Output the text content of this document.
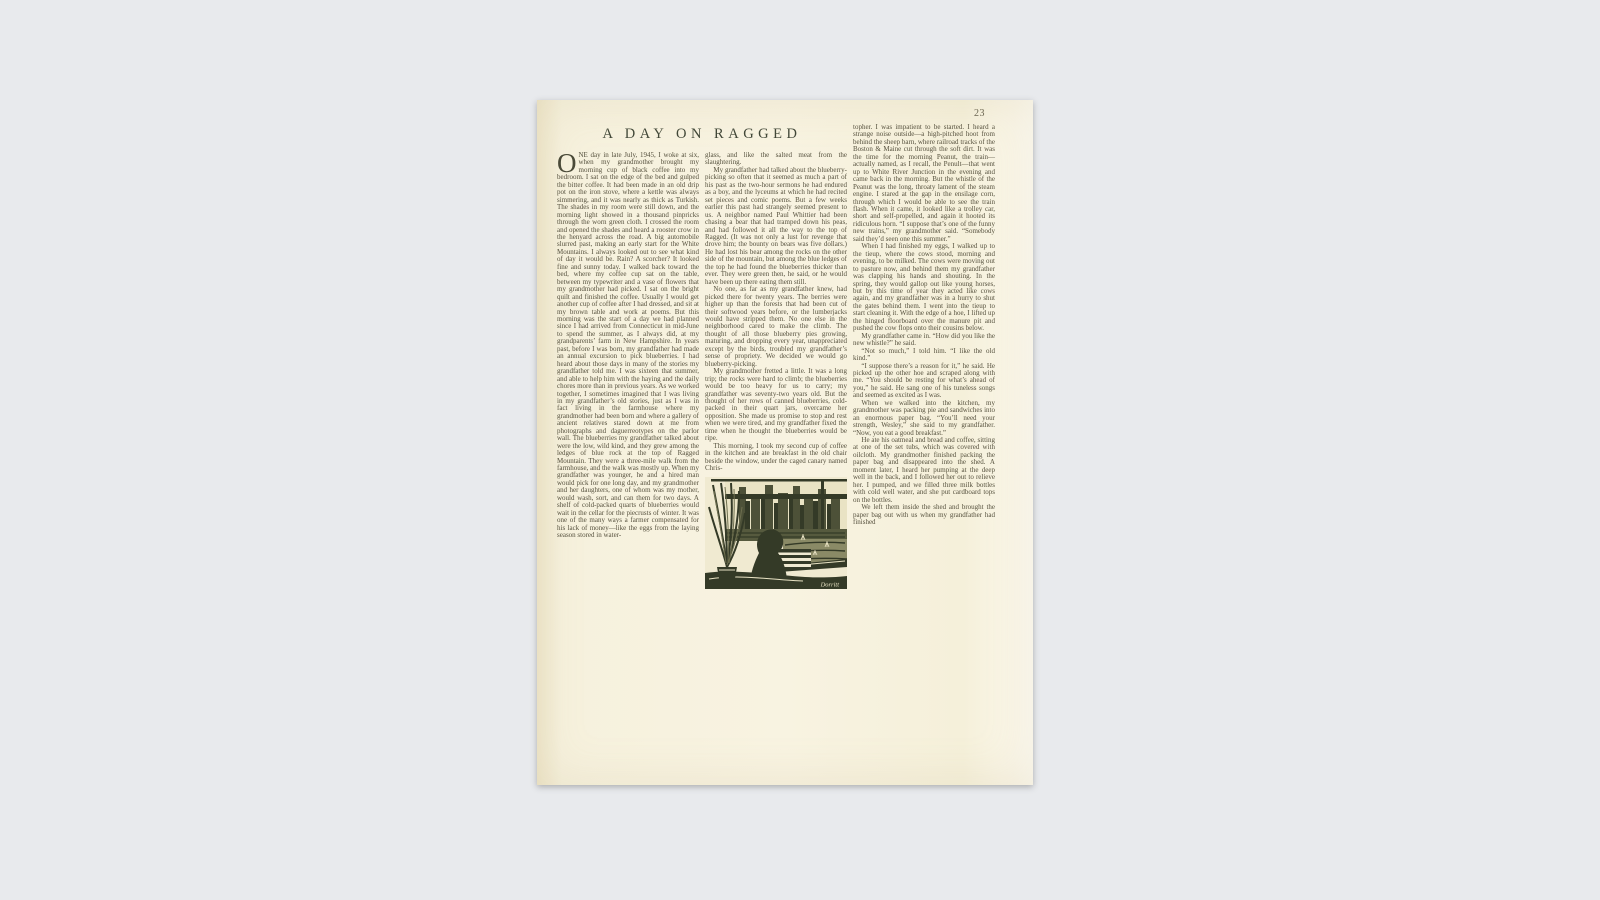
23
A DAY ON RAGGED

ONE day in late July, 1945, I woke at six, when my grandmother brought my morning cup of black coffee into my bedroom. I sat on the edge of the bed and gulped the bitter coffee. It had been made in an old drip pot on the iron stove, where a kettle was always simmering, and it was nearly as thick as Turkish. The shades in my room were still down, and the morning light showed in a thousand pinpricks through the worn green cloth. I crossed the room and opened the shades and heard a rooster crow in the henyard across the road. A big automobile slurred past, making an early start for the White Mountains. I always looked out to see what kind of day it would be. Rain? A scorcher? It looked fine and sunny today. I walked back toward the bed, where my coffee cup sat on the table, between my typewriter and a vase of flowers that my grandmother had picked. I sat on the bright quilt and finished the coffee. Usually I would get another cup of coffee after I had dressed, and sit at my brown table and work at poems. But this morning was the start of a day we had planned since I had arrived from Connecticut in mid-June to spend the summer, as I always did, at my grandparents’ farm in New Hampshire. In years past, before I was born, my grandfather had made an annual excursion to pick blueberries. I had heard about those days in many of the stories my grandfather told me. I was sixteen that summer, and able to help him with the haying and the daily chores more than in previous years. As we worked together, I sometimes imagined that I was living in my grandfather’s old stories, just as I was in fact living in the farmhouse where my grandmother had been born and where a gallery of ancient relatives stared down at me from photographs and daguerreotypes on the parlor wall. The blueberries my grandfather talked about were the low, wild kind, and they grew among the ledges of blue rock at the top of Ragged Mountain. They were a three-mile walk from the farmhouse, and the walk was mostly up. When my grandfather was younger, he and a hired man would pick for one long day, and my grandmother and her daughters, one of whom was my mother, would wash, sort, and can them for two days. A shelf of cold-packed quarts of blueberries would wait in the cellar for the piecrusts of winter. It was one of the many ways a farmer compensated for his lack of money—like the eggs from the laying season stored in water-

glass, and like the salted meat from the slaughtering.

My grandfather had talked about the blueberry-picking so often that it seemed as much a part of his past as the two-hour sermons he had endured as a boy, and the lyceums at which he had recited set pieces and comic poems. But a few weeks earlier this past had strangely seemed present to us. A neighbor named Paul Whittier had been chasing a bear that had tramped down his peas, and had followed it all the way to the top of Ragged. (It was not only a lust for revenge that drove him; the bounty on bears was five dollars.) He had lost his bear among the rocks on the other side of the mountain, but among the blue ledges of the top he had found the blueberries thicker than ever. They were green then, he said, or he would have been up there eating them still.

No one, as far as my grandfather knew, had picked there for twenty years. The berries were higher up than the forests that had been cut of their softwood years before, or the lumberjacks would have stripped them. No one else in the neighborhood cared to make the climb. The thought of all those blueberry pies growing, maturing, and dropping every year, unappreciated except by the birds, troubled my grandfather’s sense of propriety. We decided we would go blueberry-picking.

My grandmother fretted a little. It was a long trip; the rocks were hard to climb; the blueberries would be too heavy for us to carry; my grandfather was seventy-two years old. But the thought of her rows of canned blueberries, cold-packed in their quart jars, overcame her opposition. She made us promise to stop and rest when we were tired, and my grandfather fixed the time when he thought the blueberries would be ripe.

This morning, I took my second cup of coffee in the kitchen and ate breakfast in the old chair beside the window, under the caged canary named Chris-

Dorritt

topher. I was impatient to be started. I heard a strange noise outside—a high-pitched hoot from behind the sheep barn, where railroad tracks of the Boston & Maine cut through the soft dirt. It was the time for the morning Peanut, the train—actually named, as I recall, the Penult—that went up to White River Junction in the evening and came back in the morning. But the whistle of the Peanut was the long, throaty lament of the steam engine. I stared at the gap in the ensilage corn, through which I would be able to see the train flash. When it came, it looked like a trolley car, short and self-propelled, and again it hooted its ridiculous horn. “I suppose that’s one of the funny new trains,” my grandmother said. “Somebody said they’d seen one this summer.”

When I had finished my eggs, I walked up to the tieup, where the cows stood, morning and evening, to be milked. The cows were moving out to pasture now, and behind them my grandfather was clapping his hands and shouting. In the spring, they would gallop out like young horses, but by this time of year they acted like cows again, and my grandfather was in a hurry to shut the gates behind them. I went into the tieup to start cleaning it. With the edge of a hoe, I lifted up the hinged floorboard over the manure pit and pushed the cow flops onto their cousins below.

My grandfather came in. “How did you like the new whistle?” he said.

“Not so much,” I told him. “I like the old kind.”

“I suppose there’s a reason for it,” he said. He picked up the other hoe and scraped along with me. “You should be resting for what’s ahead of you,” he said. He sang one of his tuneless songs and seemed as excited as I was.

When we walked into the kitchen, my grandmother was packing pie and sandwiches into an enormous paper bag. “You’ll need your strength, Wesley,” she said to my grandfather. “Now, you eat a good breakfast.”

He ate his oatmeal and bread and coffee, sitting at one of the set tubs, which was covered with oilcloth. My grandmother finished packing the paper bag and disappeared into the shed. A moment later, I heard her pumping at the deep well in the back, and I followed her out to relieve her. I pumped, and we filled three milk bottles with cold well water, and she put cardboard tops on the bottles.

We left them inside the shed and brought the paper bag out with us when my grandfather had finished
